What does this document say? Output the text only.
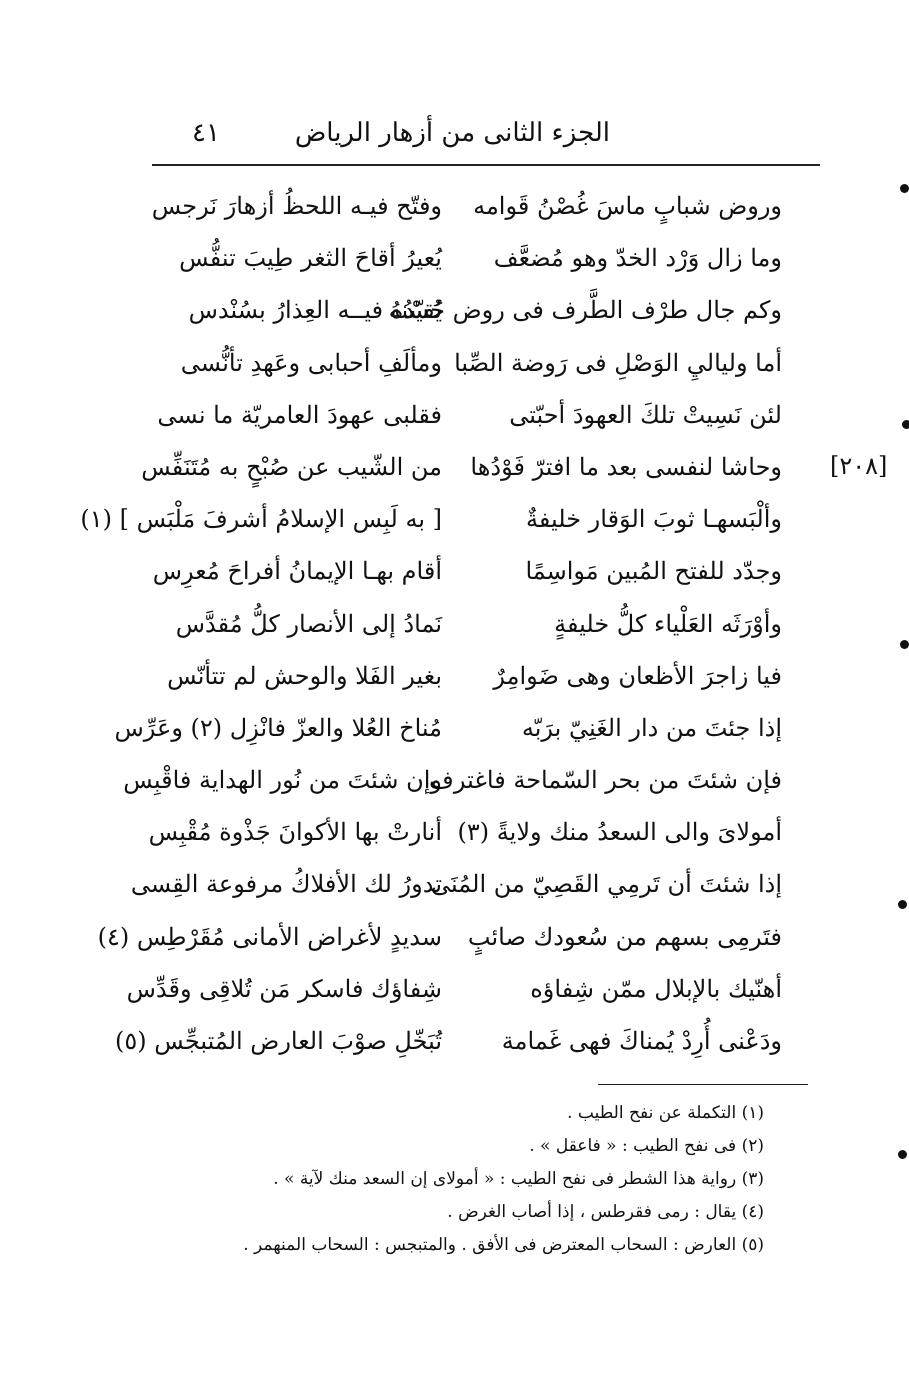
الجزء الثانى من أزهار الرياض
٤١
[٢٠٨]
وروض شبابٍ ماسَ غُصْنُ قَوامه
وفتّح فيـه اللحظُ أزهارَ نَرجس
وما زال وَرْد الخدّ وهو مُضعَّف
يُعيرُ أقاحَ الثغر طِيبَ تنفُّس
وكم جال طرْف الطَّرف فى روض حُسْنه
يُقيّدُهُ فيــه العِذارُ بسُنْدس
أما ولياليِ الوَصْلِ فى رَوضة الصِّبا
ومألَفِ أحبابى وعَهدِ تأنُّسى
لئن نَسِيتْ تلكَ العهودَ أحبّتى
فقلبى عهودَ العامريّة ما نسى
وحاشا لنفسى بعد ما افترّ فَوْدُها
من الشّيب عن صُبْحٍ به مُتَنَفِّس
وألْبَسهـا ثوبَ الوَقار خليفةٌ
[ به لَبِس الإسلامُ أشرفَ مَلْبَس ] (١)
وجدّد للفتح المُبين مَواسِمًا
أقام بهـا الإيمانُ أفراحَ مُعرِس
وأوْرَثَه العَلْياء كلُّ خليفةٍ
نَمادُ إلى الأنصار كلُّ مُقدَّس
فيا زاجرَ الأظعان وهى ضَوامِرٌ
بغير الفَلا والوحش لم تتأنّس
إذا جئتَ من دار الغَنِيّ برَبّه
مُناخ العُلا والعزّ فانْزِل (٢) وعَرِّس
فإن شئتَ من بحر السّماحة فاغترف
وإن شئتَ من نُور الهداية فاقْبِس
أمولاىَ والى السعدُ منك ولايةً (٣)
أنارتْ بها الأكوانَ جَذْوة مُقْبِس
إذا شئتَ أن تَرمِي القَصِيّ من المُنَى
تدورُ لك الأفلاكُ مرفوعة القِسى
فتَرمِى بسهم من سُعودك صائبٍ
سديدٍ لأغراض الأمانى مُقَرْطِس (٤)
أهنّيك بالإبلال ممّن شِفاؤه
شِفاؤك فاسكر مَن تُلاقِى وقَدِّس
ودَعْنى أُرِدْ يُمناكَ فهى غَمامة
تُبَخّلِ صوْبَ العارض المُتبجِّس (٥)
(١) التكملة عن نفح الطيب .
(٢) فى نفح الطيب : « فاعقل » .
(٣) رواية هذا الشطر فى نفح الطيب : « أمولاى إن السعد منك لآية » .
(٤) يقال : رمى فقرطس ، إذا أصاب الغرض .
(٥) العارض : السحاب المعترض فى الأفق . والمتبجس : السحاب المنهمر .
